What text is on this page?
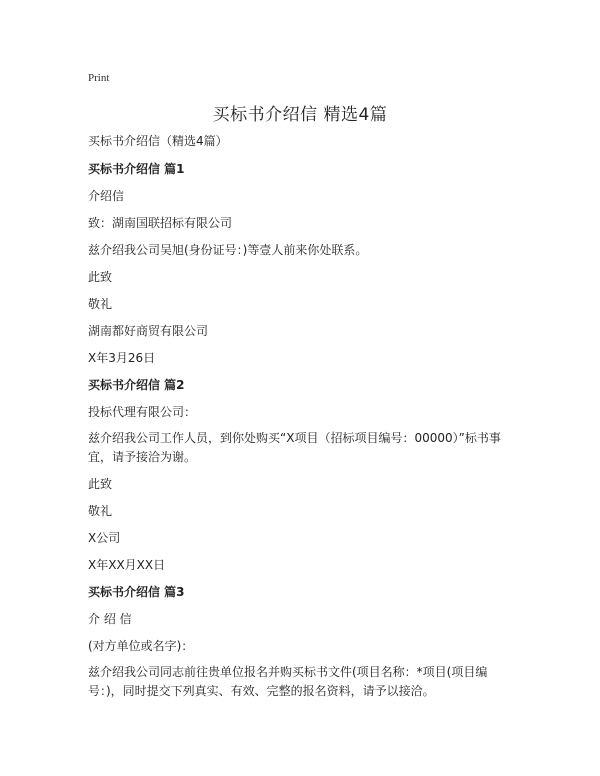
Print
买标书介绍信 精选4篇
买标书介绍信（精选4篇）
买标书介绍信 篇1
介绍信
致：湖南国联招标有限公司
兹介绍我公司吴旭(身份证号：)等壹人前来你处联系。
此致
敬礼
湖南都好商贸有限公司
X年3月26日
买标书介绍信 篇2
投标代理有限公司：
兹介绍我公司工作人员，到你处购买“X项目（招标项目编号：00000）”标书事宜，请予接洽为谢。
此致
敬礼
X公司
X年XX月XX日
买标书介绍信 篇3
介 绍 信
(对方单位或名字)：
兹介绍我公司同志前往贵单位报名并购买标书文件(项目名称：*项目(项目编号：)，同时提交下列真实、有效、完整的报名资料，请予以接洽。
